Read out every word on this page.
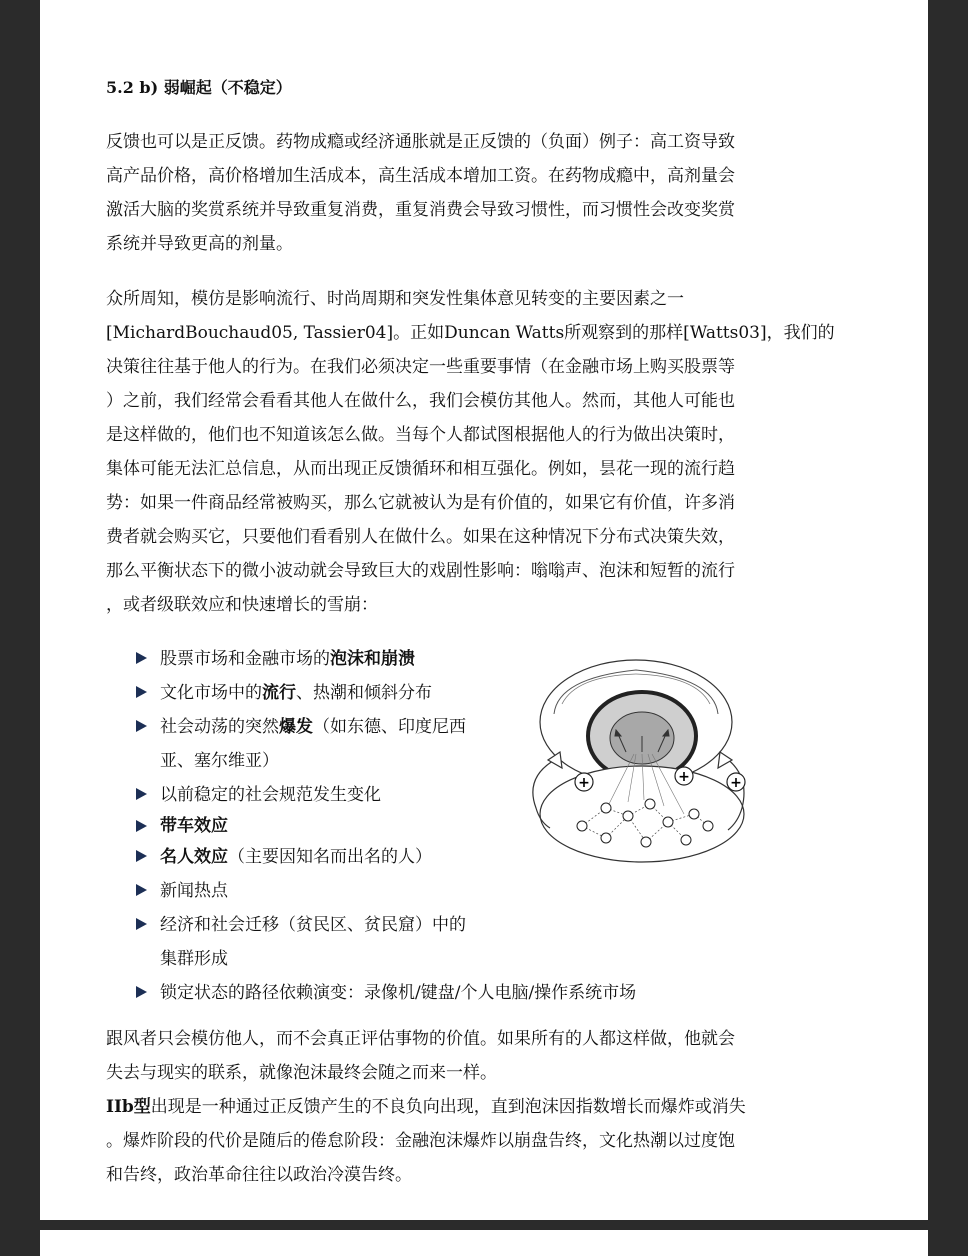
5.2 b) 弱崛起（不稳定）

反馈也可以是正反馈。药物成瘾或经济通胀就是正反馈的（负面）例子：高工资导致
高产品价格，高价格增加生活成本，高生活成本增加工资。在药物成瘾中，高剂量会
激活大脑的奖赏系统并导致重复消费，重复消费会导致习惯性，而习惯性会改变奖赏
系统并导致更高的剂量。

众所周知，模仿是影响流行、时尚周期和突发性集体意见转变的主要因素之一
[MichardBouchaud05, Tassier04]。正如Duncan Watts所观察到的那样[Watts03]，我们的
决策往往基于他人的行为。在我们必须决定一些重要事情（在金融市场上购买股票等
）之前，我们经常会看看其他人在做什么，我们会模仿其他人。然而，其他人可能也
是这样做的，他们也不知道该怎么做。当每个人都试图根据他人的行为做出决策时，
集体可能无法汇总信息，从而出现正反馈循环和相互强化。例如，昙花一现的流行趋
势：如果一件商品经常被购买，那么它就被认为是有价值的，如果它有价值，许多消
费者就会购买它，只要他们看看别人在做什么。如果在这种情况下分布式决策失效，
那么平衡状态下的微小波动就会导致巨大的戏剧性影响：嗡嗡声、泡沫和短暂的流行
，或者级联效应和快速增长的雪崩：

股票市场和金融市场的泡沫和崩溃
文化市场中的流行、热潮和倾斜分布
社会动荡的突然爆发（如东德、印度尼西
亚、塞尔维亚）
以前稳定的社会规范发生变化
带车效应
名人效应（主要因知名而出名的人）
新闻热点
经济和社会迁移（贫民区、贫民窟）中的
集群形成
锁定状态的路径依赖演变：录像机/键盘/个人电脑/操作系统市场
+	+	+

跟风者只会模仿他人，而不会真正评估事物的价值。如果所有的人都这样做，他就会
失去与现实的联系，就像泡沫最终会随之而来一样。

IIb型出现是一种通过正反馈产生的不良负向出现，直到泡沫因指数增长而爆炸或消失
。爆炸阶段的代价是随后的倦怠阶段：金融泡沫爆炸以崩盘告终，文化热潮以过度饱
和告终，政治革命往往以政治冷漠告终。
